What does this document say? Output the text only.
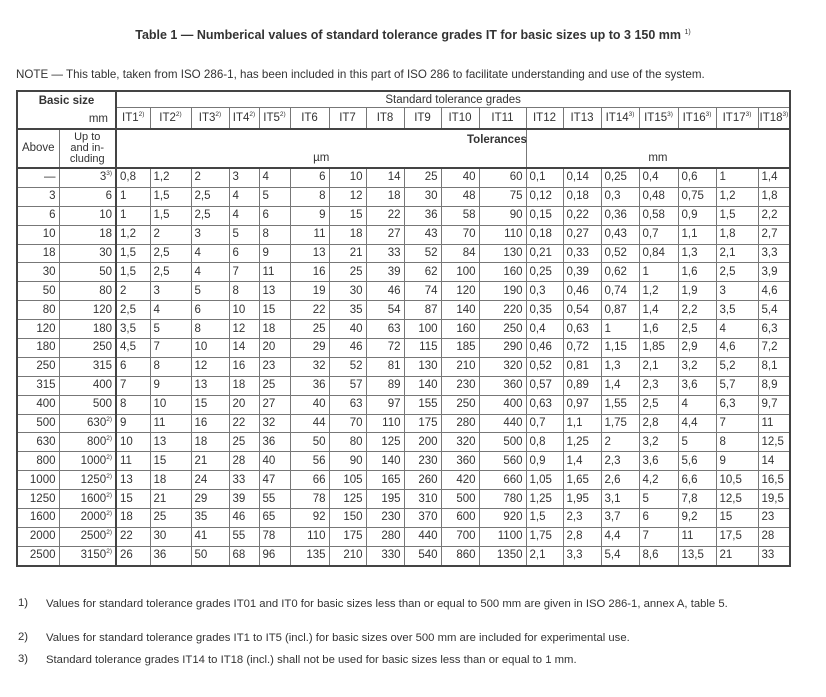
Table 1 — Numberical values of standard tolerance grades IT for basic sizes up to 3 150 mm $^{1)}$
NOTE — This table, taken from ISO 286-1, has been included in this part of ISO 286 to facilitate understanding and use of the system.
Basic size
mm		Standard tolerance grades																	
		IT1$^{2)}$	IT2$^{2)}$	IT3$^{2)}$	IT4$^{2)}$	IT5$^{2)}$	IT6	IT7	IT8	IT9	IT10	IT11	IT12	IT13	IT14$^{3)}$	IT15$^{3)}$	IT16$^{3)}$	IT17$^{3)}$	IT18$^{3)}$
Above	Up to and in-cluding	µm
Tolerances											mm						

—	3$^{3)}$	0,8	1,2	2	3	4	6	10	14	25	40	60	0,1	0,14	0,25	0,4	0,6	1	1,4
3	6	1	1,5	2,5	4	5	8	12	18	30	48	75	0,12	0,18	0,3	0,48	0,75	1,2	1,8
6	10	1	1,5	2,5	4	6	9	15	22	36	58	90	0,15	0,22	0,36	0,58	0,9	1,5	2,2
10	18	1,2	2	3	5	8	11	18	27	43	70	110	0,18	0,27	0,43	0,7	1,1	1,8	2,7
18	30	1,5	2,5	4	6	9	13	21	33	52	84	130	0,21	0,33	0,52	0,84	1,3	2,1	3,3
30	50	1,5	2,5	4	7	11	16	25	39	62	100	160	0,25	0,39	0,62	1	1,6	2,5	3,9
50	80	2	3	5	8	13	19	30	46	74	120	190	0,3	0,46	0,74	1,2	1,9	3	4,6
80	120	2,5	4	6	10	15	22	35	54	87	140	220	0,35	0,54	0,87	1,4	2,2	3,5	5,4
120	180	3,5	5	8	12	18	25	40	63	100	160	250	0,4	0,63	1	1,6	2,5	4	6,3
180	250	4,5	7	10	14	20	29	46	72	115	185	290	0,46	0,72	1,15	1,85	2,9	4,6	7,2
250	315	6	8	12	16	23	32	52	81	130	210	320	0,52	0,81	1,3	2,1	3,2	5,2	8,1
315	400	7	9	13	18	25	36	57	89	140	230	360	0,57	0,89	1,4	2,3	3,6	5,7	8,9
400	500	8	10	15	20	27	40	63	97	155	250	400	0,63	0,97	1,55	2,5	4	6,3	9,7
500	630$^{2)}$	9	11	16	22	32	44	70	110	175	280	440	0,7	1,1	1,75	2,8	4,4	7	11
630	800$^{2)}$	10	13	18	25	36	50	80	125	200	320	500	0,8	1,25	2	3,2	5	8	12,5
800	1000$^{2)}$	11	15	21	28	40	56	90	140	230	360	560	0,9	1,4	2,3	3,6	5,6	9	14
1000	1250$^{2)}$	13	18	24	33	47	66	105	165	260	420	660	1,05	1,65	2,6	4,2	6,6	10,5	16,5
1250	1600$^{2)}$	15	21	29	39	55	78	125	195	310	500	780	1,25	1,95	3,1	5	7,8	12,5	19,5
1600	2000$^{2)}$	18	25	35	46	65	92	150	230	370	600	920	1,5	2,3	3,7	6	9,2	15	23
2000	2500$^{2)}$	22	30	41	55	78	110	175	280	440	700	1100	1,75	2,8	4,4	7	11	17,5	28
2500	3150$^{2)}$	26	36	50	68	96	135	210	330	540	860	1350	2,1	3,3	5,4	8,6	13,5	21	33
1) Values for standard tolerance grades IT01 and IT0 for basic sizes less than or equal to 500 mm are given in ISO 286-1, annex A, table 5.
2) Values for standard tolerance grades IT1 to IT5 (incl.) for basic sizes over 500 mm are included for experimental use.
3) Standard tolerance grades IT14 to IT18 (incl.) shall not be used for basic sizes less than or equal to 1 mm.
